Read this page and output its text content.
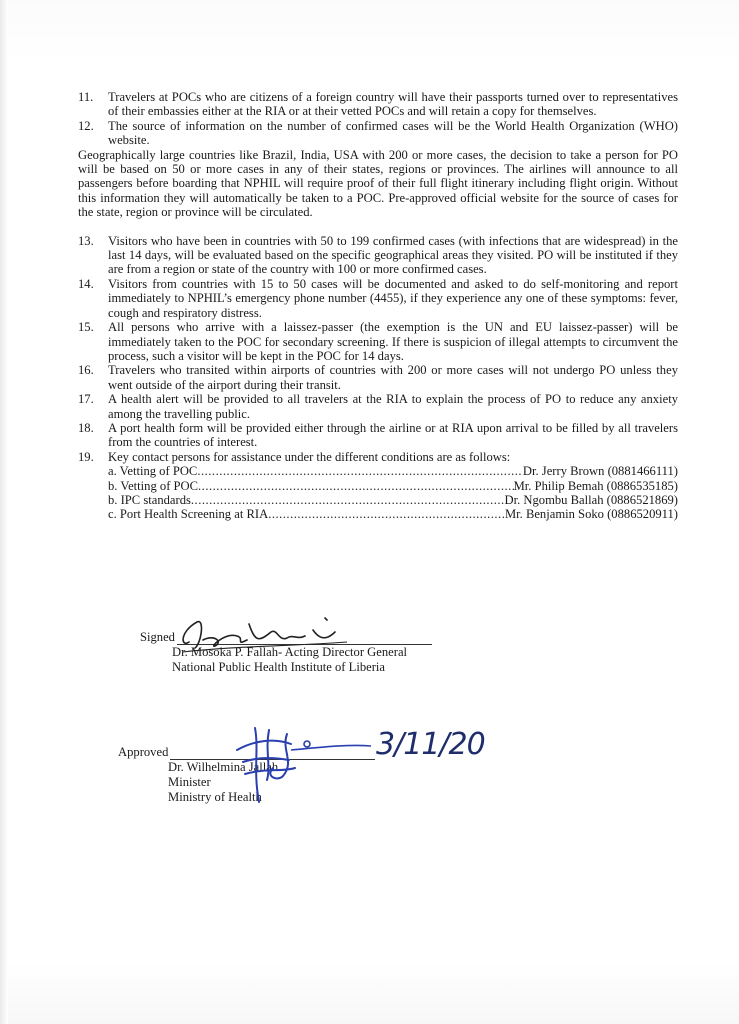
11.	Travelers at POCs who are citizens of a foreign country will have their passports turned over to representatives of their embassies either at the RIA or at their vetted POCs and will retain a copy for themselves.
12.	The source of information on the number of confirmed cases will be the World Health Organization (WHO) website.

Geographically large countries like Brazil, India, USA with 200 or more cases, the decision to take a person for PO will be based on 50 or more cases in any of their states, regions or provinces. The airlines will announce to all passengers before boarding that NPHIL will require proof of their full flight itinerary including flight origin. Without this information they will automatically be taken to a POC. Pre-approved official website for the source of cases for the state, region or province will be circulated.

13.	Visitors who have been in countries with 50 to 199 confirmed cases (with infections that are widespread) in the last 14 days, will be evaluated based on the specific geographical areas they visited. PO will be instituted if they are from a region or state of the country with 100 or more confirmed cases.
14.	Visitors from countries with 15 to 50 cases will be documented and asked to do self-monitoring and report immediately to NPHIL’s emergency phone number (4455), if they experience any one of these symptoms: fever, cough and respiratory distress.
15.	All persons who arrive with a laissez-passer (the exemption is the UN and EU laissez-passer) will be immediately taken to the POC for secondary screening. If there is suspicion of illegal attempts to circumvent the process, such a visitor will be kept in the POC for 14 days.
16.	Travelers who transited within airports of countries with 200 or more cases will not undergo PO unless they went outside of the airport during their transit.
17.	A health alert will be provided to all travelers at the RIA to explain the process of PO to reduce any anxiety among the travelling public.
18.	A port health form will be provided either through the airline or at RIA upon arrival to be filled by all travelers from the countries of interest.
19.	Key contact persons for assistance under the different conditions are as follows:
a. Vetting of POC .....	Dr. Jerry Brown (0881466111)
b. Vetting of POC .....	Mr. Philip Bemah (0886535185)
b. IPC standards .....	Dr. Ngombu Ballah (0886521869)
c. Port Health Screening at RIA .....	Mr. Benjamin Soko (0886520911)
Signed
Dr. Mosoka P. Fallah- Acting Director General
National Public Health Institute of Liberia
Approved
Dr. Wilhelmina Jallah
Minister
Ministry of Health
3/11/20
